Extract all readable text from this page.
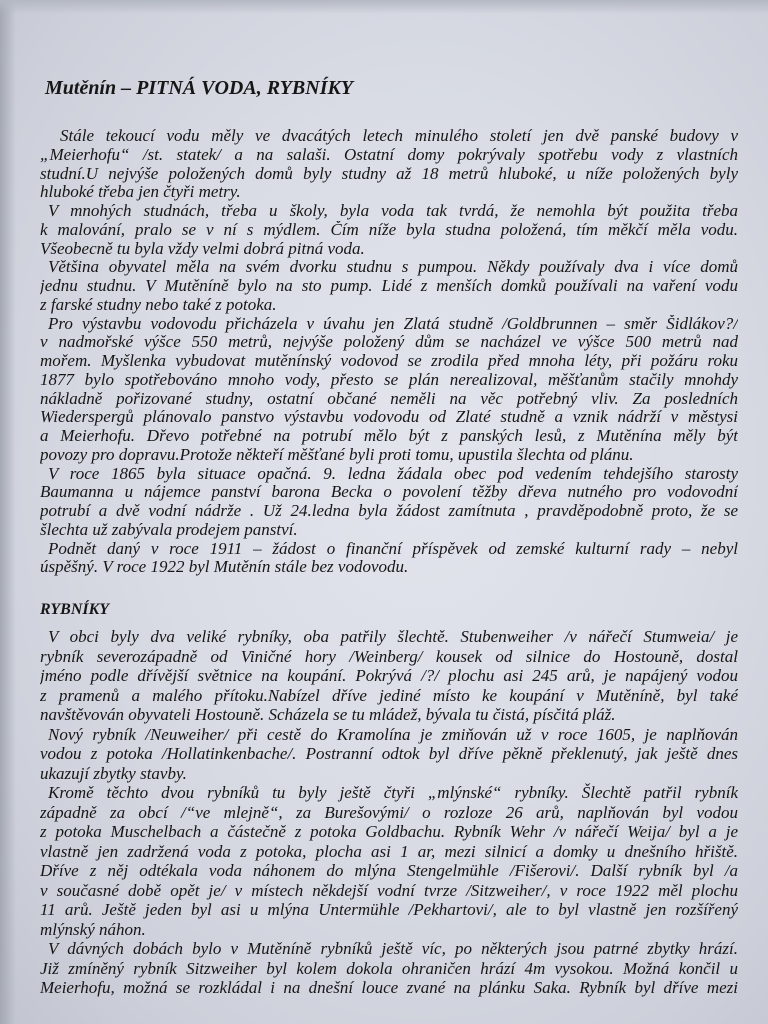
Mutěnín – PITNÁ VODA, RYBNÍKY
Stále tekoucí vodu měly ve dvacátých letech minulého století jen dvě panské budovy v
„Meierhofu“ /st. statek/ a na salaši. Ostatní domy pokrývaly spotřebu vody z vlastních
studní.U nejvýše položených domů byly studny až 18 metrů hluboké, u níže položených byly
hluboké třeba jen čtyři metry.
V mnohých studnách, třeba u školy, byla voda tak tvrdá, že nemohla být použita třeba
k malování, pralo se v ní s mýdlem. Čím níže byla studna položená, tím měkčí měla vodu.
Všeobecně tu byla vždy velmi dobrá pitná voda.
Většina obyvatel měla na svém dvorku studnu s pumpou. Někdy používaly dva i více domů
jednu studnu. V Mutěníně bylo na sto pump. Lidé z menších domků používali na vaření vodu
z farské studny nebo také z potoka.
Pro výstavbu vodovodu přicházela v úvahu jen Zlatá studně /Goldbrunnen – směr Šidlákov?/
v nadmořské výšce 550 metrů, nejvýše položený dům se nacházel ve výšce 500 metrů nad
mořem. Myšlenka vybudovat mutěnínský vodovod se zrodila před mnoha léty, při požáru roku
1877 bylo spotřebováno mnoho vody, přesto se plán nerealizoval, měšťanům stačily mnohdy
nákladně pořizované studny, ostatní občané neměli na věc potřebný vliv. Za posledních
Wiederspergů plánovalo panstvo výstavbu vodovodu od Zlaté studně a vznik nádrží v městysi
a Meierhofu. Dřevo potřebné na potrubí mělo být z panských lesů, z Mutěnína měly být
povozy pro dopravu.Protože někteří měšťané byli proti tomu, upustila šlechta od plánu.
V roce 1865 byla situace opačná. 9. ledna žádala obec pod vedením tehdejšího starosty
Baumanna u nájemce panství barona Becka o povolení těžby dřeva nutného pro vodovodní
potrubí a dvě vodní nádrže . Už 24.ledna byla žádost zamítnuta , pravděpodobně proto, že se
šlechta už zabývala prodejem panství.
Podnět daný v roce 1911 – žádost o finanční příspěvek od zemské kulturní rady – nebyl
úspěšný. V roce 1922 byl Mutěnín stále bez vodovodu.
RYBNÍKY
V obci byly dva veliké rybníky, oba patřily šlechtě. Stubenweiher /v nářečí Stumweia/ je
rybník severozápadně od Viničné hory /Weinberg/ kousek od silnice do Hostouně, dostal
jméno podle dřívější světnice na koupání. Pokrývá /?/ plochu asi 245 arů, je napájený vodou
z pramenů a malého přítoku.Nabízel dříve jediné místo ke koupání v Mutěníně, byl také
navštěvován obyvateli Hostouně. Scházela se tu mládež, bývala tu čistá, písčitá pláž.
Nový rybník /Neuweiher/ při cestě do Kramolína je zmiňován už v roce 1605, je naplňován
vodou z potoka /Hollatinkenbache/. Postranní odtok byl dříve pěkně překlenutý, jak ještě dnes
ukazují zbytky stavby.
Kromě těchto dvou rybníků tu byly ještě čtyři „mlýnské“ rybníky. Šlechtě patřil rybník
západně za obcí /“ve mlejně“, za Burešovými/ o rozloze 26 arů, naplňován byl vodou
z potoka Muschelbach a částečně z potoka Goldbachu. Rybník Wehr /v nářečí Weija/ byl a je
vlastně jen zadržená voda z potoka, plocha asi 1 ar, mezi silnicí a domky u dnešního hřiště.
Dříve z něj odtékala voda náhonem do mlýna Stengelmühle /Fišerovi/. Další rybník byl /a
v současné době opět je/ v místech někdejší vodní tvrze /Sitzweiher/, v roce 1922 měl plochu
11 arů. Ještě jeden byl asi u mlýna Untermühle /Pekhartovi/, ale to byl vlastně jen rozšířený
mlýnský náhon.
V dávných dobách bylo v Mutěníně rybníků ještě víc, po některých jsou patrné zbytky hrází.
Již zmíněný rybník Sitzweiher byl kolem dokola ohraničen hrází 4m vysokou. Možná končil u
Meierhofu, možná se rozkládal i na dnešní louce zvané na plánku Saka. Rybník byl dříve mezi
